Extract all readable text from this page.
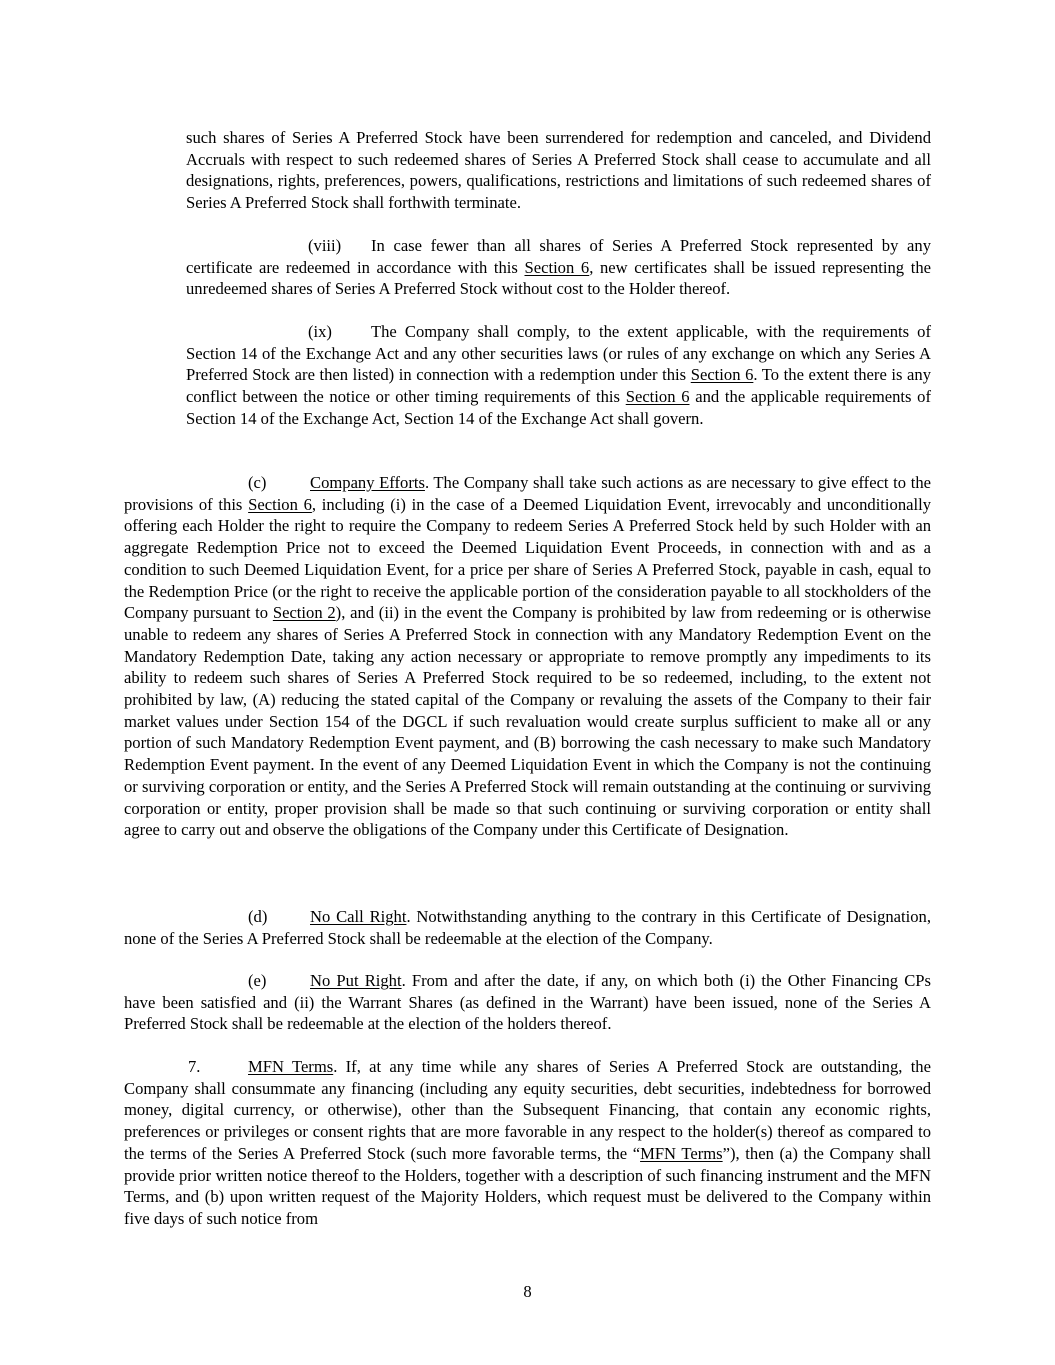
such shares of Series A Preferred Stock have been surrendered for redemption and canceled, and Dividend Accruals with respect to such redeemed shares of Series A Preferred Stock shall cease to accumulate and all designations, rights, preferences, powers, qualifications, restrictions and limitations of such redeemed shares of Series A Preferred Stock shall forthwith terminate.

(viii) In case fewer than all shares of Series A Preferred Stock represented by any certificate are redeemed in accordance with this Section 6, new certificates shall be issued representing the unredeemed shares of Series A Preferred Stock without cost to the Holder thereof.

(ix) The Company shall comply, to the extent applicable, with the requirements of Section 14 of the Exchange Act and any other securities laws (or rules of any exchange on which any Series A Preferred Stock are then listed) in connection with a redemption under this Section 6. To the extent there is any conflict between the notice or other timing requirements of this Section 6 and the applicable requirements of Section 14 of the Exchange Act, Section 14 of the Exchange Act shall govern.

(c)	Company Efforts. The Company shall take such actions as are necessary to give effect to the provisions of this Section 6, including (i) in the case of a Deemed Liquidation Event, irrevocably and unconditionally offering each Holder the right to require the Company to redeem Series A Preferred Stock held by such Holder with an aggregate Redemption Price not to exceed the Deemed Liquidation Event Proceeds, in connection with and as a condition to such Deemed Liquidation Event, for a price per share of Series A Preferred Stock, payable in cash, equal to the Redemption Price (or the right to receive the applicable portion of the consideration payable to all stockholders of the Company pursuant to Section 2), and (ii) in the event the Company is prohibited by law from redeeming or is otherwise unable to redeem any shares of Series A Preferred Stock in connection with any Mandatory Redemption Event on the Mandatory Redemption Date, taking any action necessary or appropriate to remove promptly any impediments to its ability to redeem such shares of Series A Preferred Stock required to be so redeemed, including, to the extent not prohibited by law, (A) reducing the stated capital of the Company or revaluing the assets of the Company to their fair market values under Section 154 of the DGCL if such revaluation would create surplus sufficient to make all or any portion of such Mandatory Redemption Event payment, and (B) borrowing the cash necessary to make such Mandatory Redemption Event payment. In the event of any Deemed Liquidation Event in which the Company is not the continuing or surviving corporation or entity, and the Series A Preferred Stock will remain outstanding at the continuing or surviving corporation or entity, proper provision shall be made so that such continuing or surviving corporation or entity shall agree to carry out and observe the obligations of the Company under this Certificate of Designation.

(d)	No Call Right. Notwithstanding anything to the contrary in this Certificate of Designation, none of the Series A Preferred Stock shall be redeemable at the election of the Company.

(e)	No Put Right. From and after the date, if any, on which both (i) the Other Financing CPs have been satisfied and (ii) the Warrant Shares (as defined in the Warrant) have been issued, none of the Series A Preferred Stock shall be redeemable at the election of the holders thereof.

7.	MFN Terms. If, at any time while any shares of Series A Preferred Stock are outstanding, the Company shall consummate any financing (including any equity securities, debt securities, indebtedness for borrowed money, digital currency, or otherwise), other than the Subsequent Financing, that contain any economic rights, preferences or privileges or consent rights that are more favorable in any respect to the holder(s) thereof as compared to the terms of the Series A Preferred Stock (such more favorable terms, the “MFN Terms”), then (a) the Company shall provide prior written notice thereof to the Holders, together with a description of such financing instrument and the MFN Terms, and (b) upon written request of the Majority Holders, which request must be delivered to the Company within five days of such notice from

8
